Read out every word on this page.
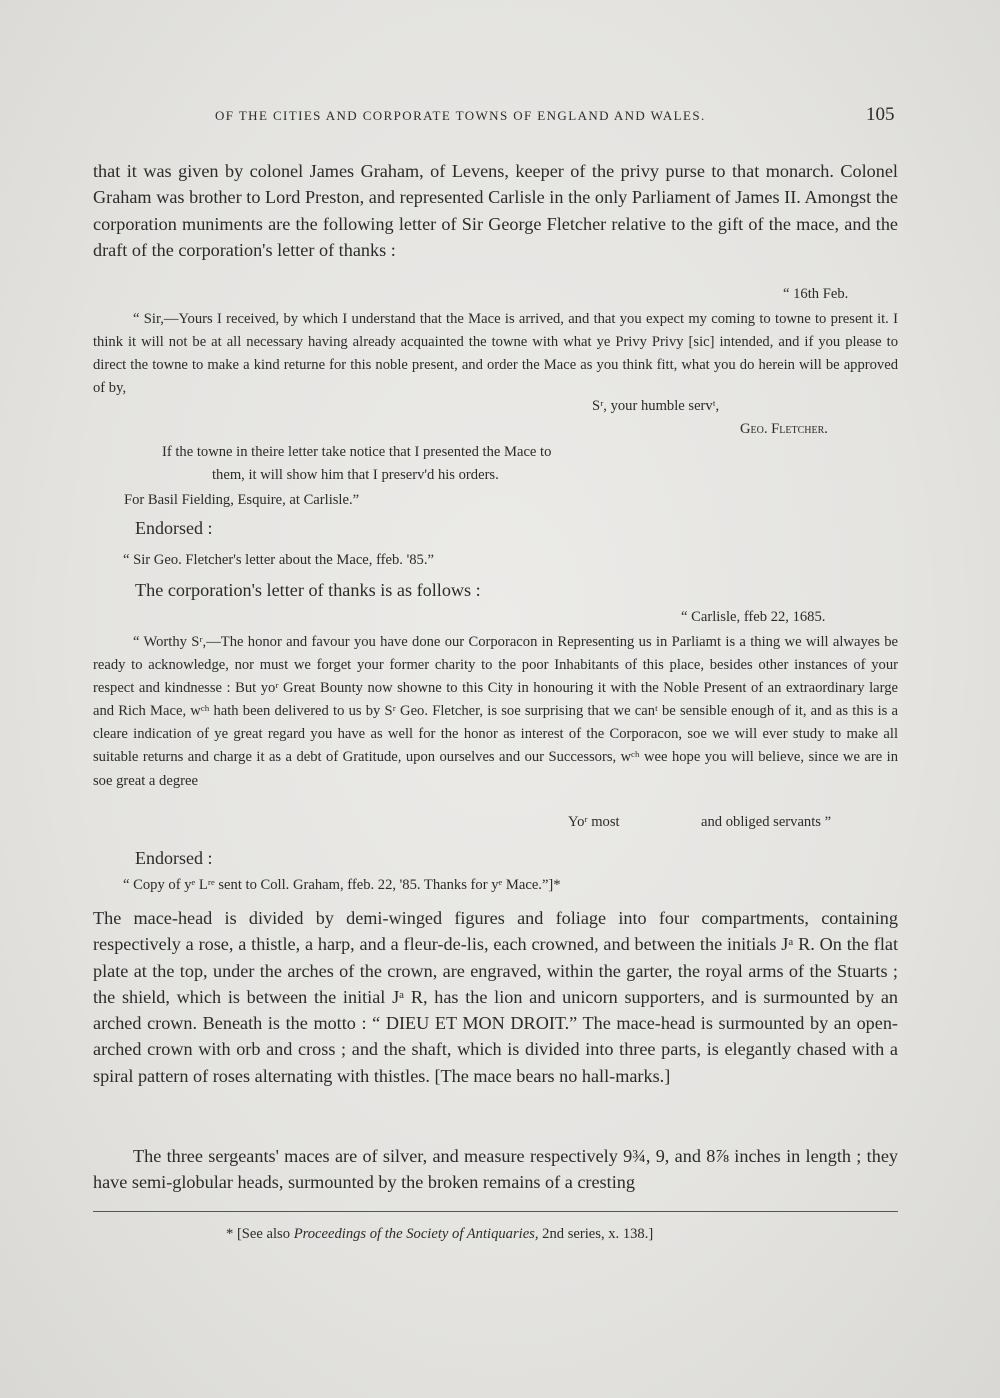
OF THE CITIES AND CORPORATE TOWNS OF ENGLAND AND WALES.	105

that it was given by colonel James Graham, of Levens, keeper of the privy purse to that monarch. Colonel Graham was brother to Lord Preston, and represented Carlisle in the only Parliament of James II. Amongst the corporation muniments are the following letter of Sir George Fletcher relative to the gift of the mace, and the draft of the corporation's letter of thanks :

“ 16th Feb.

“ Sir,—Yours I received, by which I understand that the Mace is arrived, and that you expect my coming to towne to present it. I think it will not be at all necessary having already acquainted the towne with what ye Privy Privy [sic] intended, and if you please to direct the towne to make a kind returne for this noble present, and order the Mace as you think fitt, what you do herein will be approved of by,

Sʳ, your humble servᵗ,
Geo. Fletcher.
If the towne in theire letter take notice that I presented the Mace to
them, it will show him that I preserv'd his orders.
For Basil Fielding, Esquire, at Carlisle.”
Endorsed :
“ Sir Geo. Fletcher's letter about the Mace, ffeb. '85.”
The corporation's letter of thanks is as follows :
“ Carlisle, ffeb 22, 1685.

“ Worthy Sʳ,—The honor and favour you have done our Corporacon in Representing us in Parliamt is a thing we will alwayes be ready to acknowledge, nor must we forget your former charity to the poor Inhabitants of this place, besides other instances of your respect and kindnesse : But yoʳ Great Bounty now showne to this City in honouring it with the Noble Present of an extraordinary large and Rich Mace, wᶜʰ hath been delivered to us by Sʳ Geo. Fletcher, is soe surprising that we canᵗ be sensible enough of it, and as this is a cleare indication of ye great regard you have as well for the honor as interest of the Corporacon, soe we will ever study to make all suitable returns and charge it as a debt of Gratitude, upon ourselves and our Successors, wᶜʰ wee hope you will believe, since we are in soe great a degree

Yoʳ most	and obliged servants ”
Endorsed :
“ Copy of yᵉ Lʳᵉ sent to Coll. Graham, ffeb. 22, '85. Thanks for yᵉ Mace.”]*

The mace-head is divided by demi-winged figures and foliage into four compartments, containing respectively a rose, a thistle, a harp, and a fleur-de-lis, each crowned, and between the initials Jᵃ R. On the flat plate at the top, under the arches of the crown, are engraved, within the garter, the royal arms of the Stuarts ; the shield, which is between the initial Jᵃ R, has the lion and unicorn supporters, and is surmounted by an arched crown. Beneath is the motto : “ DIEU ET MON DROIT.” The mace-head is surmounted by an open-arched crown with orb and cross ; and the shaft, which is divided into three parts, is elegantly chased with a spiral pattern of roses alternating with thistles. [The mace bears no hall-marks.]

The three sergeants' maces are of silver, and measure respectively 9¾, 9, and 8⅞ inches in length ; they have semi-globular heads, surmounted by the broken remains of a cresting

* [See also Proceedings of the Society of Antiquaries, 2nd series, x. 138.]
